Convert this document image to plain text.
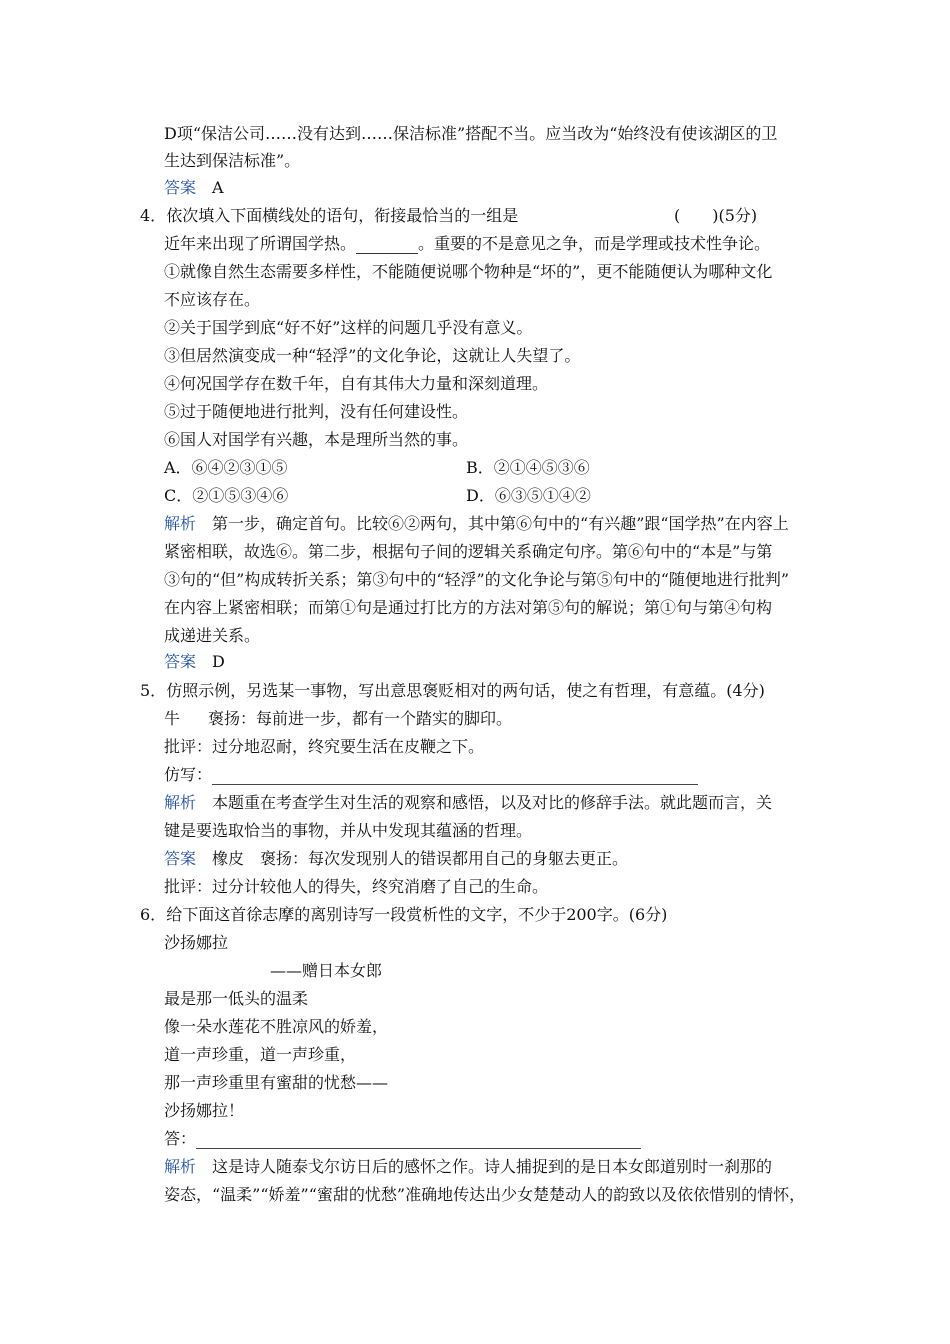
D项“保洁公司……没有达到……保洁标准”搭配不当。应当改为“始终没有使该湖区的卫
生达到保洁标准”。
答案 A
4．依次填入下面横线处的语句，衔接最恰当的一组是	(　　)(5分)
近年来出现了所谓国学热。	。重要的不是意见之争，而是学理或技术性争论。
①就像自然生态需要多样性，不能随便说哪个物种是“坏的”，更不能随便认为哪种文化
不应该存在。
②关于国学到底“好不好”这样的问题几乎没有意义。
③但居然演变成一种“轻浮”的文化争论，这就让人失望了。
④何况国学存在数千年，自有其伟大力量和深刻道理。
⑤过于随便地进行批判，没有任何建设性。
⑥国人对国学有兴趣，本是理所当然的事。
A．⑥④②③①⑤	B．②①④⑤③⑥
C．②①⑤③④⑥	D．⑥③⑤①④②
解析 第一步，确定首句。比较⑥②两句，其中第⑥句中的“有兴趣”跟“国学热”在内容上
紧密相联，故选⑥。第二步，根据句子间的逻辑关系确定句序。第⑥句中的“本是”与第
③句的“但”构成转折关系；第③句中的“轻浮”的文化争论与第⑤句中的“随便地进行批判”
在内容上紧密相联；而第①句是通过打比方的方法对第⑤句的解说；第①句与第④句构
成递进关系。
答案 D
5．仿照示例，另选某一事物，写出意思褒贬相对的两句话，使之有哲理，有意蕴。(4分)
牛 褒扬：每前进一步，都有一个踏实的脚印。
批评：过分地忍耐，终究要生活在皮鞭之下。
仿写：
解析 本题重在考查学生对生活的观察和感悟，以及对比的修辞手法。就此题而言，关
键是要选取恰当的事物，并从中发现其蕴涵的哲理。
答案 橡皮 褒扬：每次发现别人的错误都用自己的身躯去更正。
批评：过分计较他人的得失，终究消磨了自己的生命。
6．给下面这首徐志摩的离别诗写一段赏析性的文字，不少于200字。(6分)
沙扬娜拉
——赠日本女郎
最是那一低头的温柔
像一朵水莲花不胜凉风的娇羞，
道一声珍重，道一声珍重，
那一声珍重里有蜜甜的忧愁——
沙扬娜拉！
答：
解析 这是诗人随泰戈尔访日后的感怀之作。诗人捕捉到的是日本女郎道别时一刹那的
姿态，“温柔”“娇羞”“蜜甜的忧愁”准确地传达出少女楚楚动人的韵致以及依依惜别的情怀，
